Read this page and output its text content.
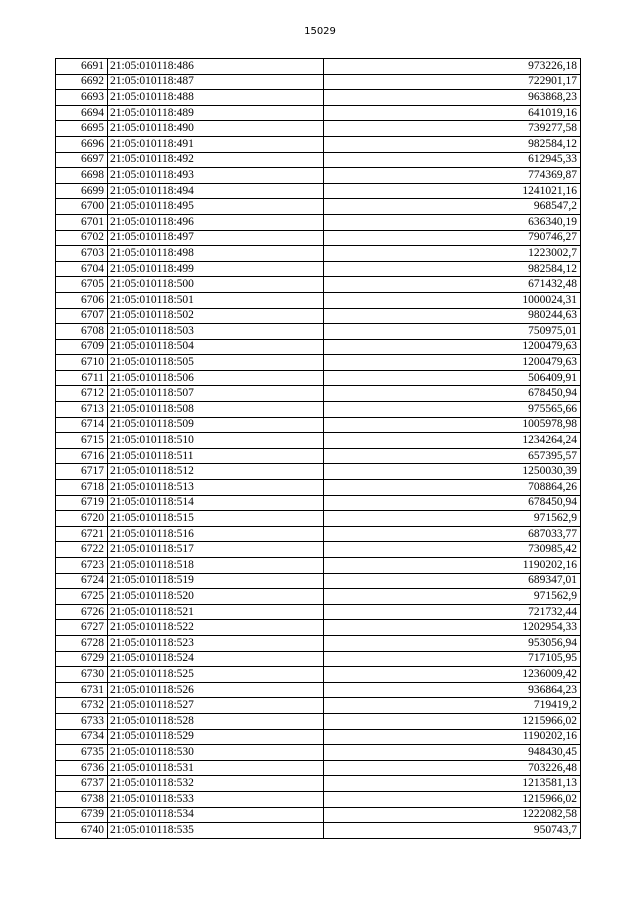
15029
6691	21:05:010118:486	973226,18
6692	21:05:010118:487	722901,17
6693	21:05:010118:488	963868,23
6694	21:05:010118:489	641019,16
6695	21:05:010118:490	739277,58
6696	21:05:010118:491	982584,12
6697	21:05:010118:492	612945,33
6698	21:05:010118:493	774369,87
6699	21:05:010118:494	1241021,16
6700	21:05:010118:495	968547,2
6701	21:05:010118:496	636340,19
6702	21:05:010118:497	790746,27
6703	21:05:010118:498	1223002,7
6704	21:05:010118:499	982584,12
6705	21:05:010118:500	671432,48
6706	21:05:010118:501	1000024,31
6707	21:05:010118:502	980244,63
6708	21:05:010118:503	750975,01
6709	21:05:010118:504	1200479,63
6710	21:05:010118:505	1200479,63
6711	21:05:010118:506	506409,91
6712	21:05:010118:507	678450,94
6713	21:05:010118:508	975565,66
6714	21:05:010118:509	1005978,98
6715	21:05:010118:510	1234264,24
6716	21:05:010118:511	657395,57
6717	21:05:010118:512	1250030,39
6718	21:05:010118:513	708864,26
6719	21:05:010118:514	678450,94
6720	21:05:010118:515	971562,9
6721	21:05:010118:516	687033,77
6722	21:05:010118:517	730985,42
6723	21:05:010118:518	1190202,16
6724	21:05:010118:519	689347,01
6725	21:05:010118:520	971562,9
6726	21:05:010118:521	721732,44
6727	21:05:010118:522	1202954,33
6728	21:05:010118:523	953056,94
6729	21:05:010118:524	717105,95
6730	21:05:010118:525	1236009,42
6731	21:05:010118:526	936864,23
6732	21:05:010118:527	719419,2
6733	21:05:010118:528	1215966,02
6734	21:05:010118:529	1190202,16
6735	21:05:010118:530	948430,45
6736	21:05:010118:531	703226,48
6737	21:05:010118:532	1213581,13
6738	21:05:010118:533	1215966,02
6739	21:05:010118:534	1222082,58
6740	21:05:010118:535	950743,7
